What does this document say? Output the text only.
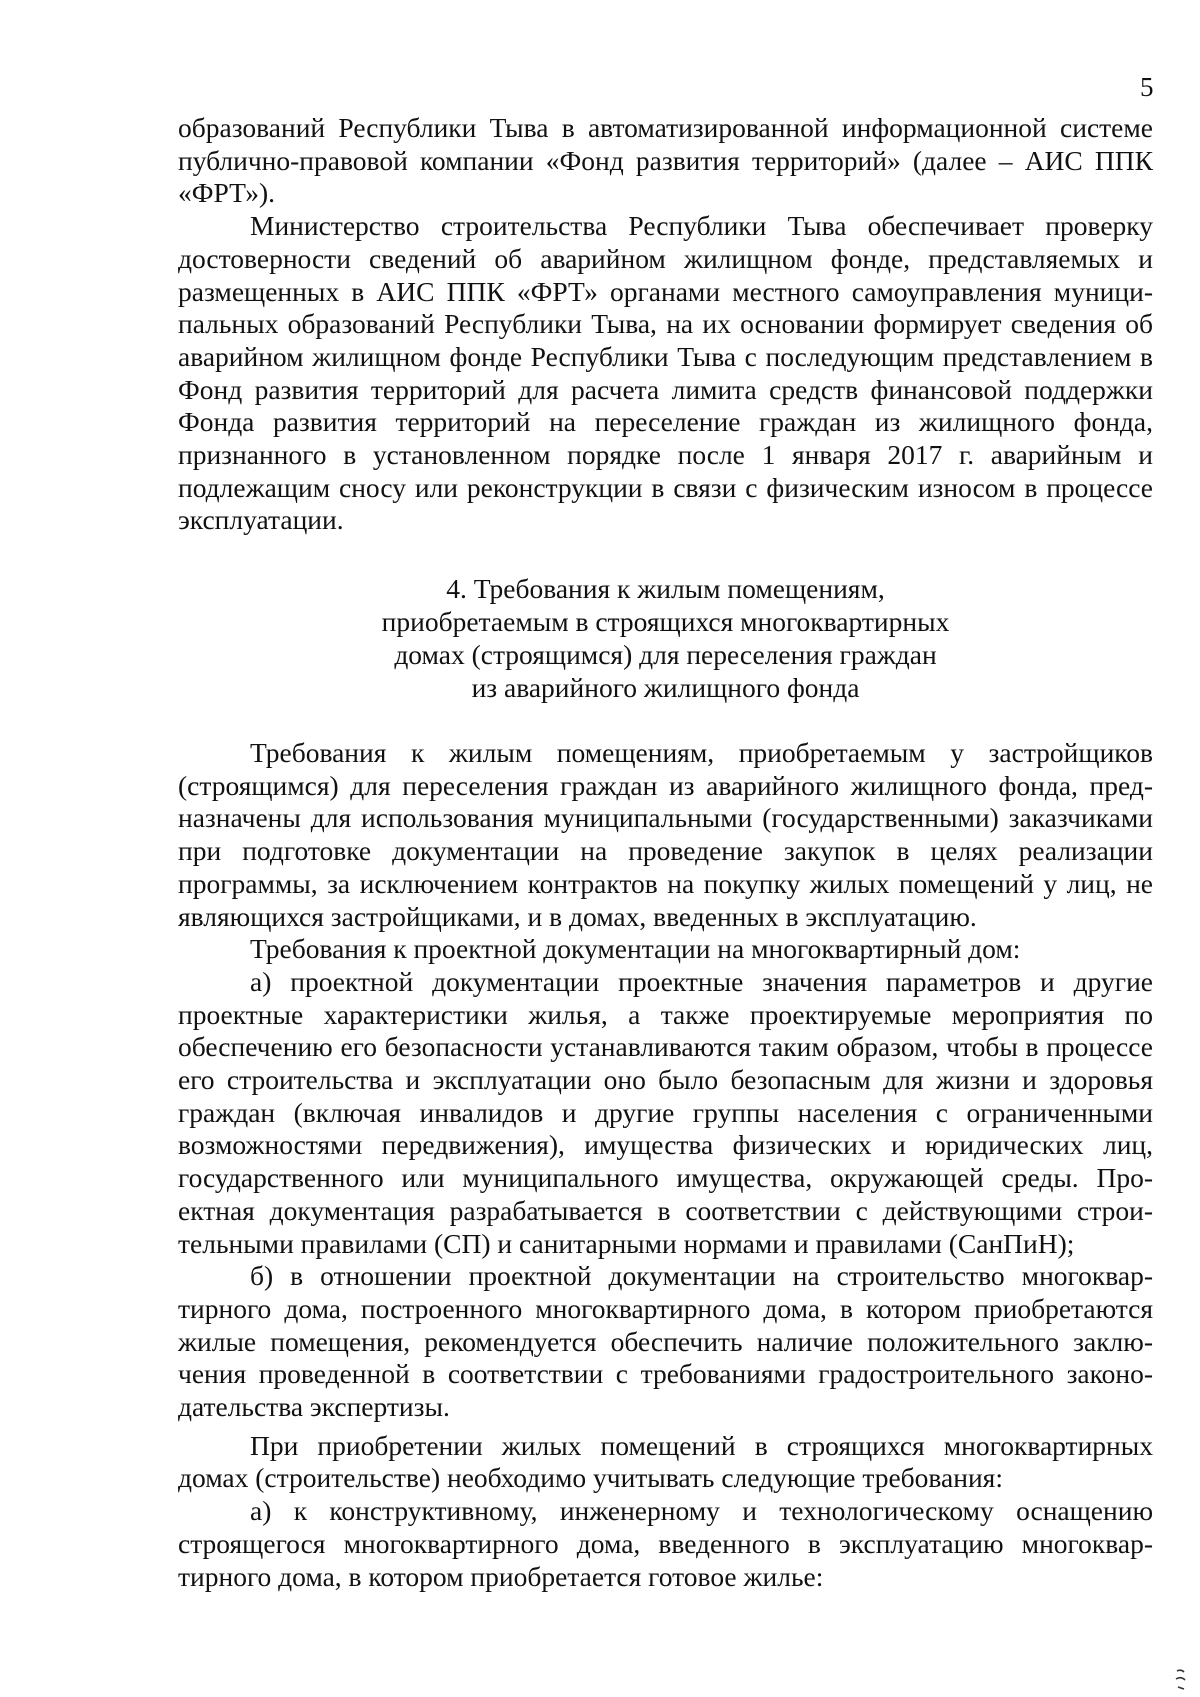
5

образований Республики Тыва в автоматизированной информационной системе публично-правовой компании «Фонд развития территорий» (далее – АИС ППК «ФРТ»).

Министерство строительства Республики Тыва обеспечивает проверку достоверности сведений об аварийном жилищном фонде, представляемых и размещенных в АИС ППК «ФРТ» органами местного самоуправления муниципальных образований Республики Тыва, на их основании формирует сведения об аварийном жилищном фонде Республики Тыва с последующим представлением в Фонд развития территорий для расчета лимита средств финансовой поддержки Фонда развития территорий на переселение граждан из жилищного фонда, признанного в установленном порядке после 1 января 2017 г. аварийным и подлежащим сносу или реконструкции в связи с физическим износом в процессе эксплуатации.

4. Требования к жилым помещениям,
приобретаемым в строящихся многоквартирных
домах (строящимся) для переселения граждан
из аварийного жилищного фонда

Требования к жилым помещениям, приобретаемым у застройщиков (строящимся) для переселения граждан из аварийного жилищного фонда, предназначены для использования муниципальными (государственными) заказчиками при подготовке документации на проведение закупок в целях реализации программы, за исключением контрактов на покупку жилых помещений у лиц, не являющихся застройщиками, и в домах, введенных в эксплуатацию.

Требования к проектной документации на многоквартирный дом:

а) проектной документации проектные значения параметров и другие проектные характеристики жилья, а также проектируемые мероприятия по обеспечению его безопасности устанавливаются таким образом, чтобы в процессе его строительства и эксплуатации оно было безопасным для жизни и здоровья граждан (включая инвалидов и другие группы населения с ограниченными возможностями передвижения), имущества физических и юридических лиц, государственного или муниципального имущества, окружающей среды. Проектная документация разрабатывается в соответствии с действующими строительными правилами (СП) и санитарными нормами и правилами (СанПиН);

б) в отношении проектной документации на строительство многоквартирного дома, построенного многоквартирного дома, в котором приобретаются жилые помещения, рекомендуется обеспечить наличие положительного заключения проведенной в соответствии с требованиями градостроительного законодательства экспертизы.

При приобретении жилых помещений в строящихся многоквартирных домах (строительстве) необходимо учитывать следующие требования:

а) к конструктивному, инженерному и технологическому оснащению строящегося многоквартирного дома, введенного в эксплуатацию многоквартирного дома, в котором приобретается готовое жилье:
